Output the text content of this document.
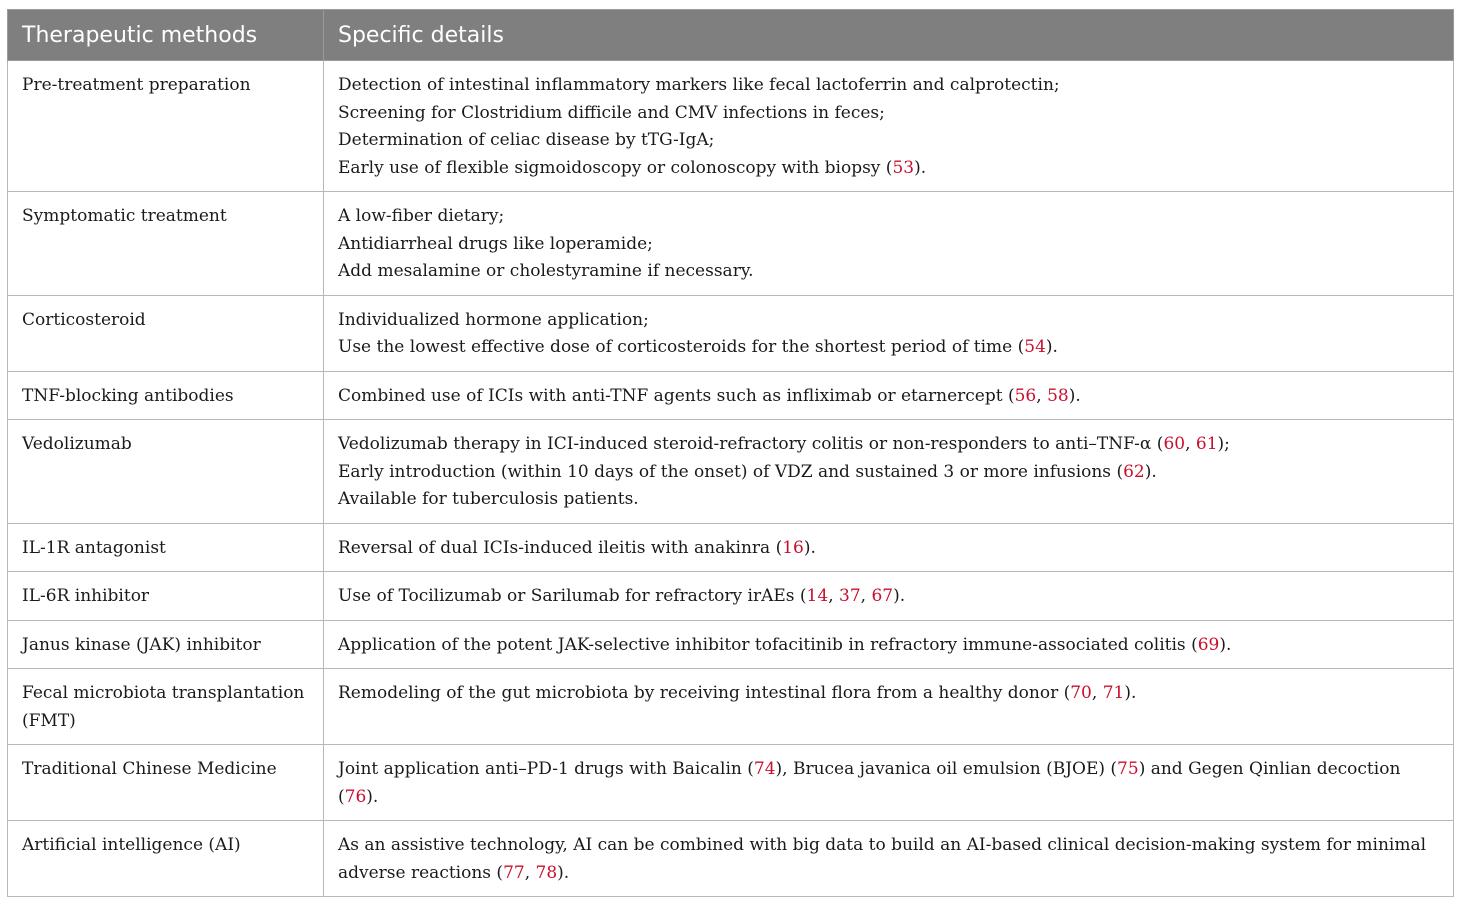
Therapeutic methods	Specific details
Pre-treatment preparation	Detection of intestinal inflammatory markers like fecal lactoferrin and calprotectin;
Screening for Clostridium difficile and CMV infections in feces;
Determination of celiac disease by tTG-IgA;
Early use of flexible sigmoidoscopy or colonoscopy with biopsy (53).

Symptomatic treatment	A low-fiber dietary;
Antidiarrheal drugs like loperamide;
Add mesalamine or cholestyramine if necessary.

Corticosteroid	Individualized hormone application;
Use the lowest effective dose of corticosteroids for the shortest period of time (54).

TNF-blocking antibodies	Combined use of ICIs with anti-TNF agents such as infliximab or etarnercept (56, 58).

Vedolizumab	Vedolizumab therapy in ICI-induced steroid-refractory colitis or non-responders to anti–TNF-α (60, 61);
Early introduction (within 10 days of the onset) of VDZ and sustained 3 or more infusions (62).
Available for tuberculosis patients.

IL-1R antagonist	Reversal of dual ICIs-induced ileitis with anakinra (16).

IL-6R inhibitor	Use of Tocilizumab or Sarilumab for refractory irAEs (14, 37, 67).

Janus kinase (JAK) inhibitor	Application of the potent JAK-selective inhibitor tofacitinib in refractory immune-associated colitis (69).

Fecal microbiota transplantation (FMT)	Remodeling of the gut microbiota by receiving intestinal flora from a healthy donor (70, 71).

Traditional Chinese Medicine	Joint application anti–PD-1 drugs with Baicalin (74), Brucea javanica oil emulsion (BJOE) (75) and Gegen Qinlian decoction (76).

Artificial intelligence (AI)	As an assistive technology, AI can be combined with big data to build an AI-based clinical decision-making system for minimal adverse reactions (77, 78).
